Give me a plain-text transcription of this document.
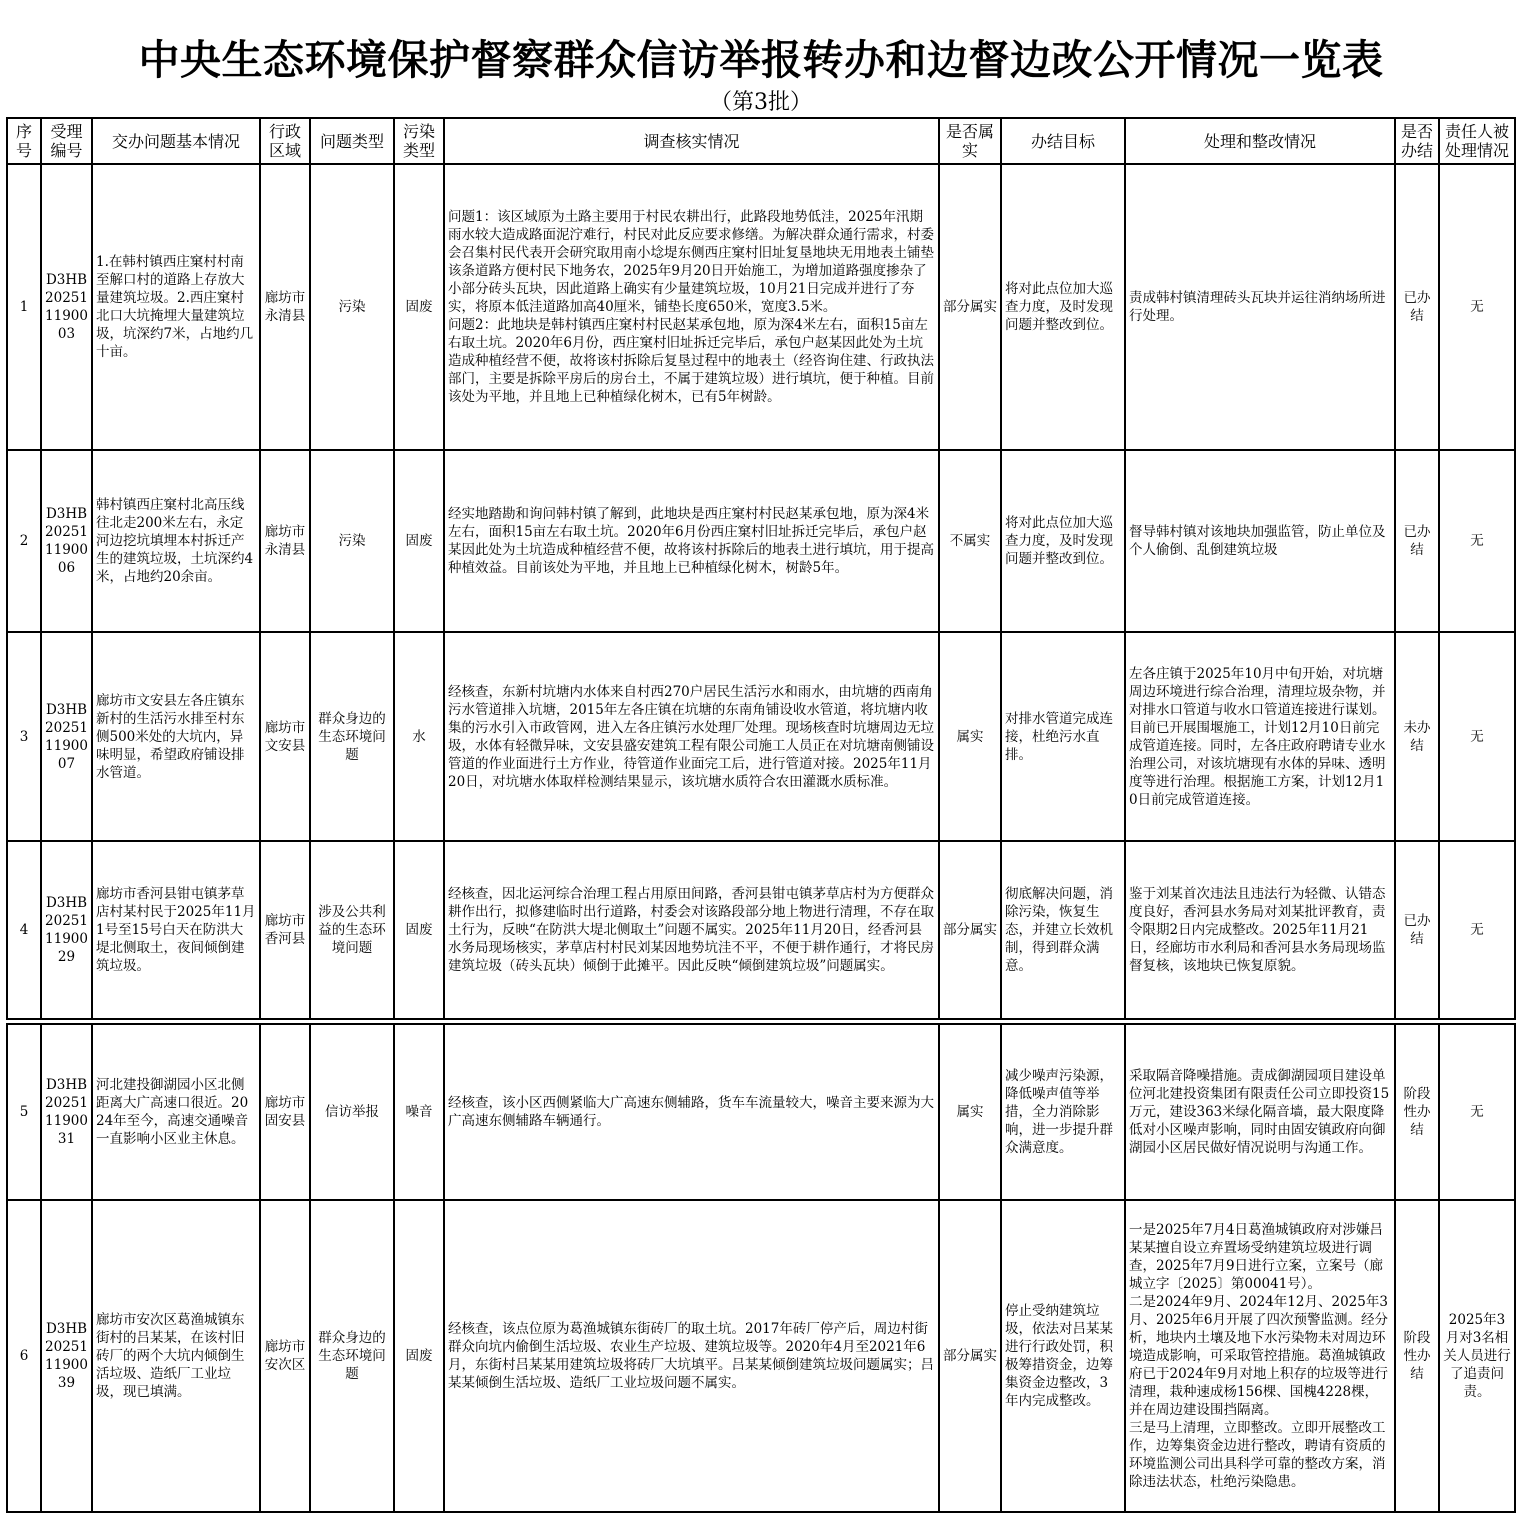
中央生态环境保护督察群众信访举报转办和边督边改公开情况一览表
（第3批）
序号	受理编号	交办问题基本情况	行政区域	问题类型	污染类型	调查核实情况	是否属实	办结目标	处理和整改情况	是否办结	责任人被处理情况
1	D3HB202511190003	1.在韩村镇西庄窠村村南至解口村的道路上存放大量建筑垃圾。2.西庄窠村北口大坑掩埋大量建筑垃圾，坑深约7米，占地约几十亩。	廊坊市永清县	污染	固废	问题1：该区域原为土路主要用于村民农耕出行，此路段地势低洼，2025年汛期雨水较大造成路面泥泞难行，村民对此反应要求修缮。为解决群众通行需求，村委会召集村民代表开会研究取用南小埝堤东侧西庄窠村旧址复垦地块无用地表土铺垫该条道路方便村民下地务农，2025年9月20日开始施工，为增加道路强度掺杂了小部分砖头瓦块，因此道路上确实有少量建筑垃圾，10月21日完成并进行了夯实，将原本低洼道路加高40厘米，铺垫长度650米，宽度3.5米。

问题2：此地块是韩村镇西庄窠村村民赵某承包地，原为深4米左右，面积15亩左右取土坑。2020年6月份，西庄窠村旧址拆迁完毕后，承包户赵某因此处为土坑造成种植经营不便，故将该村拆除后复垦过程中的地表土（经咨询住建、行政执法部门，主要是拆除平房后的房台土，不属于建筑垃圾）进行填坑，便于种植。目前该处为平地，并且地上已种植绿化树木，已有5年树龄。	部分属实	将对此点位加大巡查力度，及时发现问题并整改到位。	责成韩村镇清理砖头瓦块并运往消纳场所进行处理。	已办结	无
2	D3HB202511190006	韩村镇西庄窠村北高压线往北走200米左右，永定河边挖坑填埋本村拆迁产生的建筑垃圾，土坑深约4米，占地约20余亩。	廊坊市永清县	污染	固废	经实地踏勘和询问韩村镇了解到，此地块是西庄窠村村民赵某承包地，原为深4米左右，面积15亩左右取土坑。2020年6月份西庄窠村旧址拆迁完毕后，承包户赵某因此处为土坑造成种植经营不便，故将该村拆除后的地表土进行填坑，用于提高种植效益。目前该处为平地，并且地上已种植绿化树木，树龄5年。	不属实	将对此点位加大巡查力度，及时发现问题并整改到位。	督导韩村镇对该地块加强监管，防止单位及个人偷倒、乱倒建筑垃圾	已办结	无
3	D3HB202511190007	廊坊市文安县左各庄镇东新村的生活污水排至村东侧500米处的大坑内，异味明显，希望政府铺设排水管道。	廊坊市文安县	群众身边的生态环境问题	水	经核查，东新村坑塘内水体来自村西270户居民生活污水和雨水，由坑塘的西南角污水管道排入坑塘，2015年左各庄镇在坑塘的东南角铺设收水管道，将坑塘内收集的污水引入市政管网，进入左各庄镇污水处理厂处理。现场核查时坑塘周边无垃圾，水体有轻微异味，文安县盛安建筑工程有限公司施工人员正在对坑塘南侧铺设管道的作业面进行土方作业，待管道作业面完工后，进行管道对接。2025年11月20日，对坑塘水体取样检测结果显示，该坑塘水质符合农田灌溉水质标准。	属实	对排水管道完成连接，杜绝污水直排。	左各庄镇于2025年10月中旬开始，对坑塘周边环境进行综合治理，清理垃圾杂物，并对排水口管道与收水口管道连接进行谋划。目前已开展围堰施工，计划12月10日前完成管道连接。同时，左各庄政府聘请专业水治理公司，对该坑塘现有水体的异味、透明度等进行治理。根据施工方案，计划12月10日前完成管道连接。	未办结	无
4	D3HB202511190029	廊坊市香河县钳屯镇茅草店村某村民于2025年11月1号至15号白天在防洪大堤北侧取土，夜间倾倒建筑垃圾。	廊坊市香河县	涉及公共利益的生态环境问题	固废	经核查，因北运河综合治理工程占用原田间路，香河县钳屯镇茅草店村为方便群众耕作出行，拟修建临时出行道路，村委会对该路段部分地上物进行清理，不存在取土行为，反映“在防洪大堤北侧取土”问题不属实。2025年11月20日，经香河县水务局现场核实，茅草店村村民刘某因地势坑洼不平，不便于耕作通行，才将民房建筑垃圾（砖头瓦块）倾倒于此摊平。因此反映“倾倒建筑垃圾”问题属实。	部分属实	彻底解决问题，消除污染，恢复生态，并建立长效机制，得到群众满意。	鉴于刘某首次违法且违法行为轻微、认错态度良好，香河县水务局对刘某批评教育，责令限期2日内完成整改。2025年11月21日，经廊坊市水利局和香河县水务局现场监督复核，该地块已恢复原貌。	已办结	无

5	D3HB202511190031	河北建投御湖园小区北侧距离大广高速口很近。2024年至今，高速交通噪音一直影响小区业主休息。	廊坊市固安县	信访举报	噪音	经核查，该小区西侧紧临大广高速东侧辅路，货车车流量较大，噪音主要来源为大广高速东侧辅路车辆通行。	属实	减少噪声污染源，降低噪声值等举措，全力消除影响，进一步提升群众满意度。	采取隔音降噪措施。责成御湖园项目建设单位河北建投资集团有限责任公司立即投资15万元，建设363米绿化隔音墙，最大限度降低对小区噪声影响，同时由固安镇政府向御湖园小区居民做好情况说明与沟通工作。	阶段性办结	无
6	D3HB202511190039	廊坊市安次区葛渔城镇东街村的吕某某，在该村旧砖厂的两个大坑内倾倒生活垃圾、造纸厂工业垃圾，现已填满。	廊坊市安次区	群众身边的生态环境问题	固废	经核查，该点位原为葛渔城镇东街砖厂的取土坑。2017年砖厂停产后，周边村街群众向坑内偷倒生活垃圾、农业生产垃圾、建筑垃圾等。2020年4月至2021年6月，东街村吕某某用建筑垃圾将砖厂大坑填平。吕某某倾倒建筑垃圾问题属实；吕某某倾倒生活垃圾、造纸厂工业垃圾问题不属实。	部分属实	停止受纳建筑垃圾，依法对吕某某进行行政处罚，积极筹措资金，边筹集资金边整改，3年内完成整改。	一是2025年7月4日葛渔城镇政府对涉嫌吕某某擅自设立弃置场受纳建筑垃圾进行调查，2025年7月9日进行立案，立案号（廊城立字〔2025〕第00041号）。

二是2024年9月、2024年12月、2025年3月、2025年6月开展了四次预警监测。经分析，地块内土壤及地下水污染物未对周边环境造成影响，可采取管控措施。葛渔城镇政府已于2024年9月对地上积存的垃圾等进行清理，栽种速成杨156棵、国槐4228棵，并在周边建设围挡隔离。

三是马上清理，立即整改。立即开展整改工作，边筹集资金边进行整改，聘请有资质的环境监测公司出具科学可靠的整改方案，消除违法状态，杜绝污染隐患。	阶段性办结	2025年3月对3名相关人员进行了追责问责。
